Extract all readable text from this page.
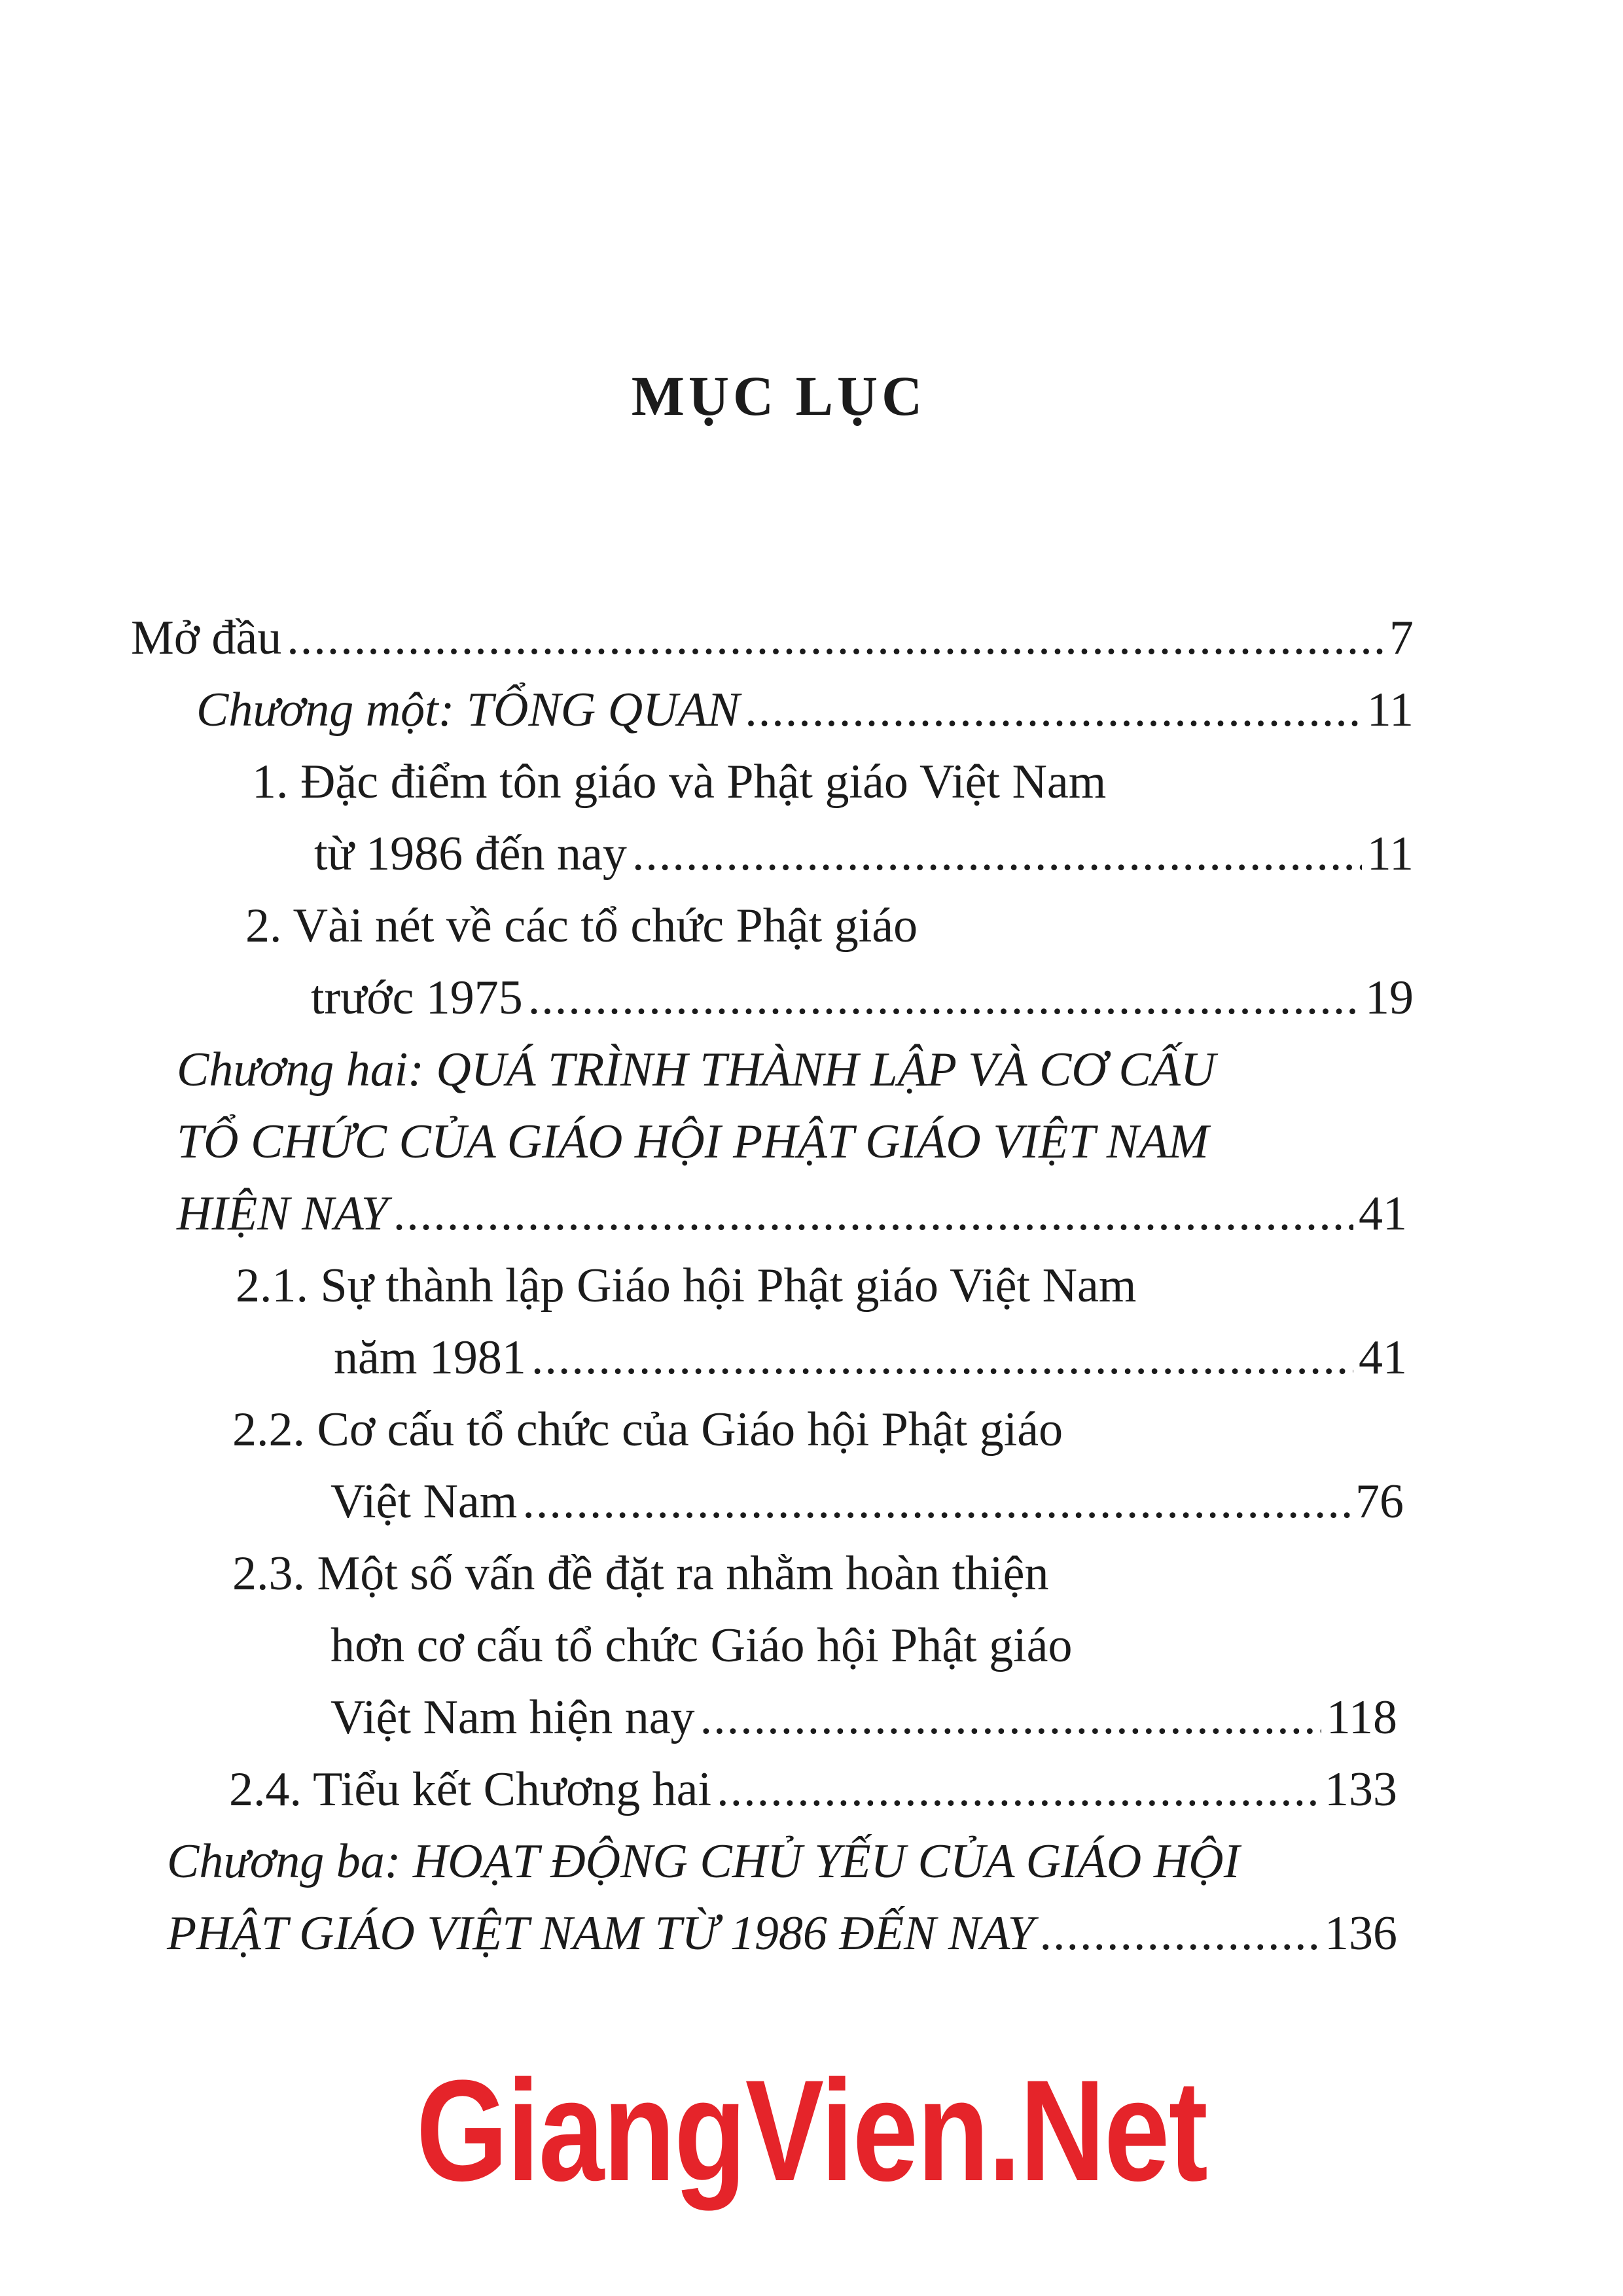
MỤC LỤC
Mở đầu .....	7
Chương một: TỔNG QUAN .....	11
1. Đặc điểm tôn giáo và Phật giáo Việt Nam
từ 1986 đến nay .....	11
2. Vài nét về các tổ chức Phật giáo
trước 1975 .....	19
Chương hai: QUÁ TRÌNH THÀNH LẬP VÀ CƠ CẤU
TỔ CHỨC CỦA GIÁO HỘI PHẬT GIÁO VIỆT NAM
HIỆN NAY .....	41
2.1. Sự thành lập Giáo hội Phật giáo Việt Nam
năm 1981 .....	41
2.2. Cơ cấu tổ chức của Giáo hội Phật giáo
Việt Nam .....	76
2.3. Một số vấn đề đặt ra nhằm hoàn thiện
hơn cơ cấu tổ chức Giáo hội Phật giáo
Việt Nam hiện nay .....	118
2.4. Tiểu kết Chương hai .....	133
Chương ba: HOẠT ĐỘNG CHỦ YẾU CỦA GIÁO HỘI
PHẬT GIÁO VIỆT NAM TỪ 1986 ĐẾN NAY .....	136
GiangVien.Net
